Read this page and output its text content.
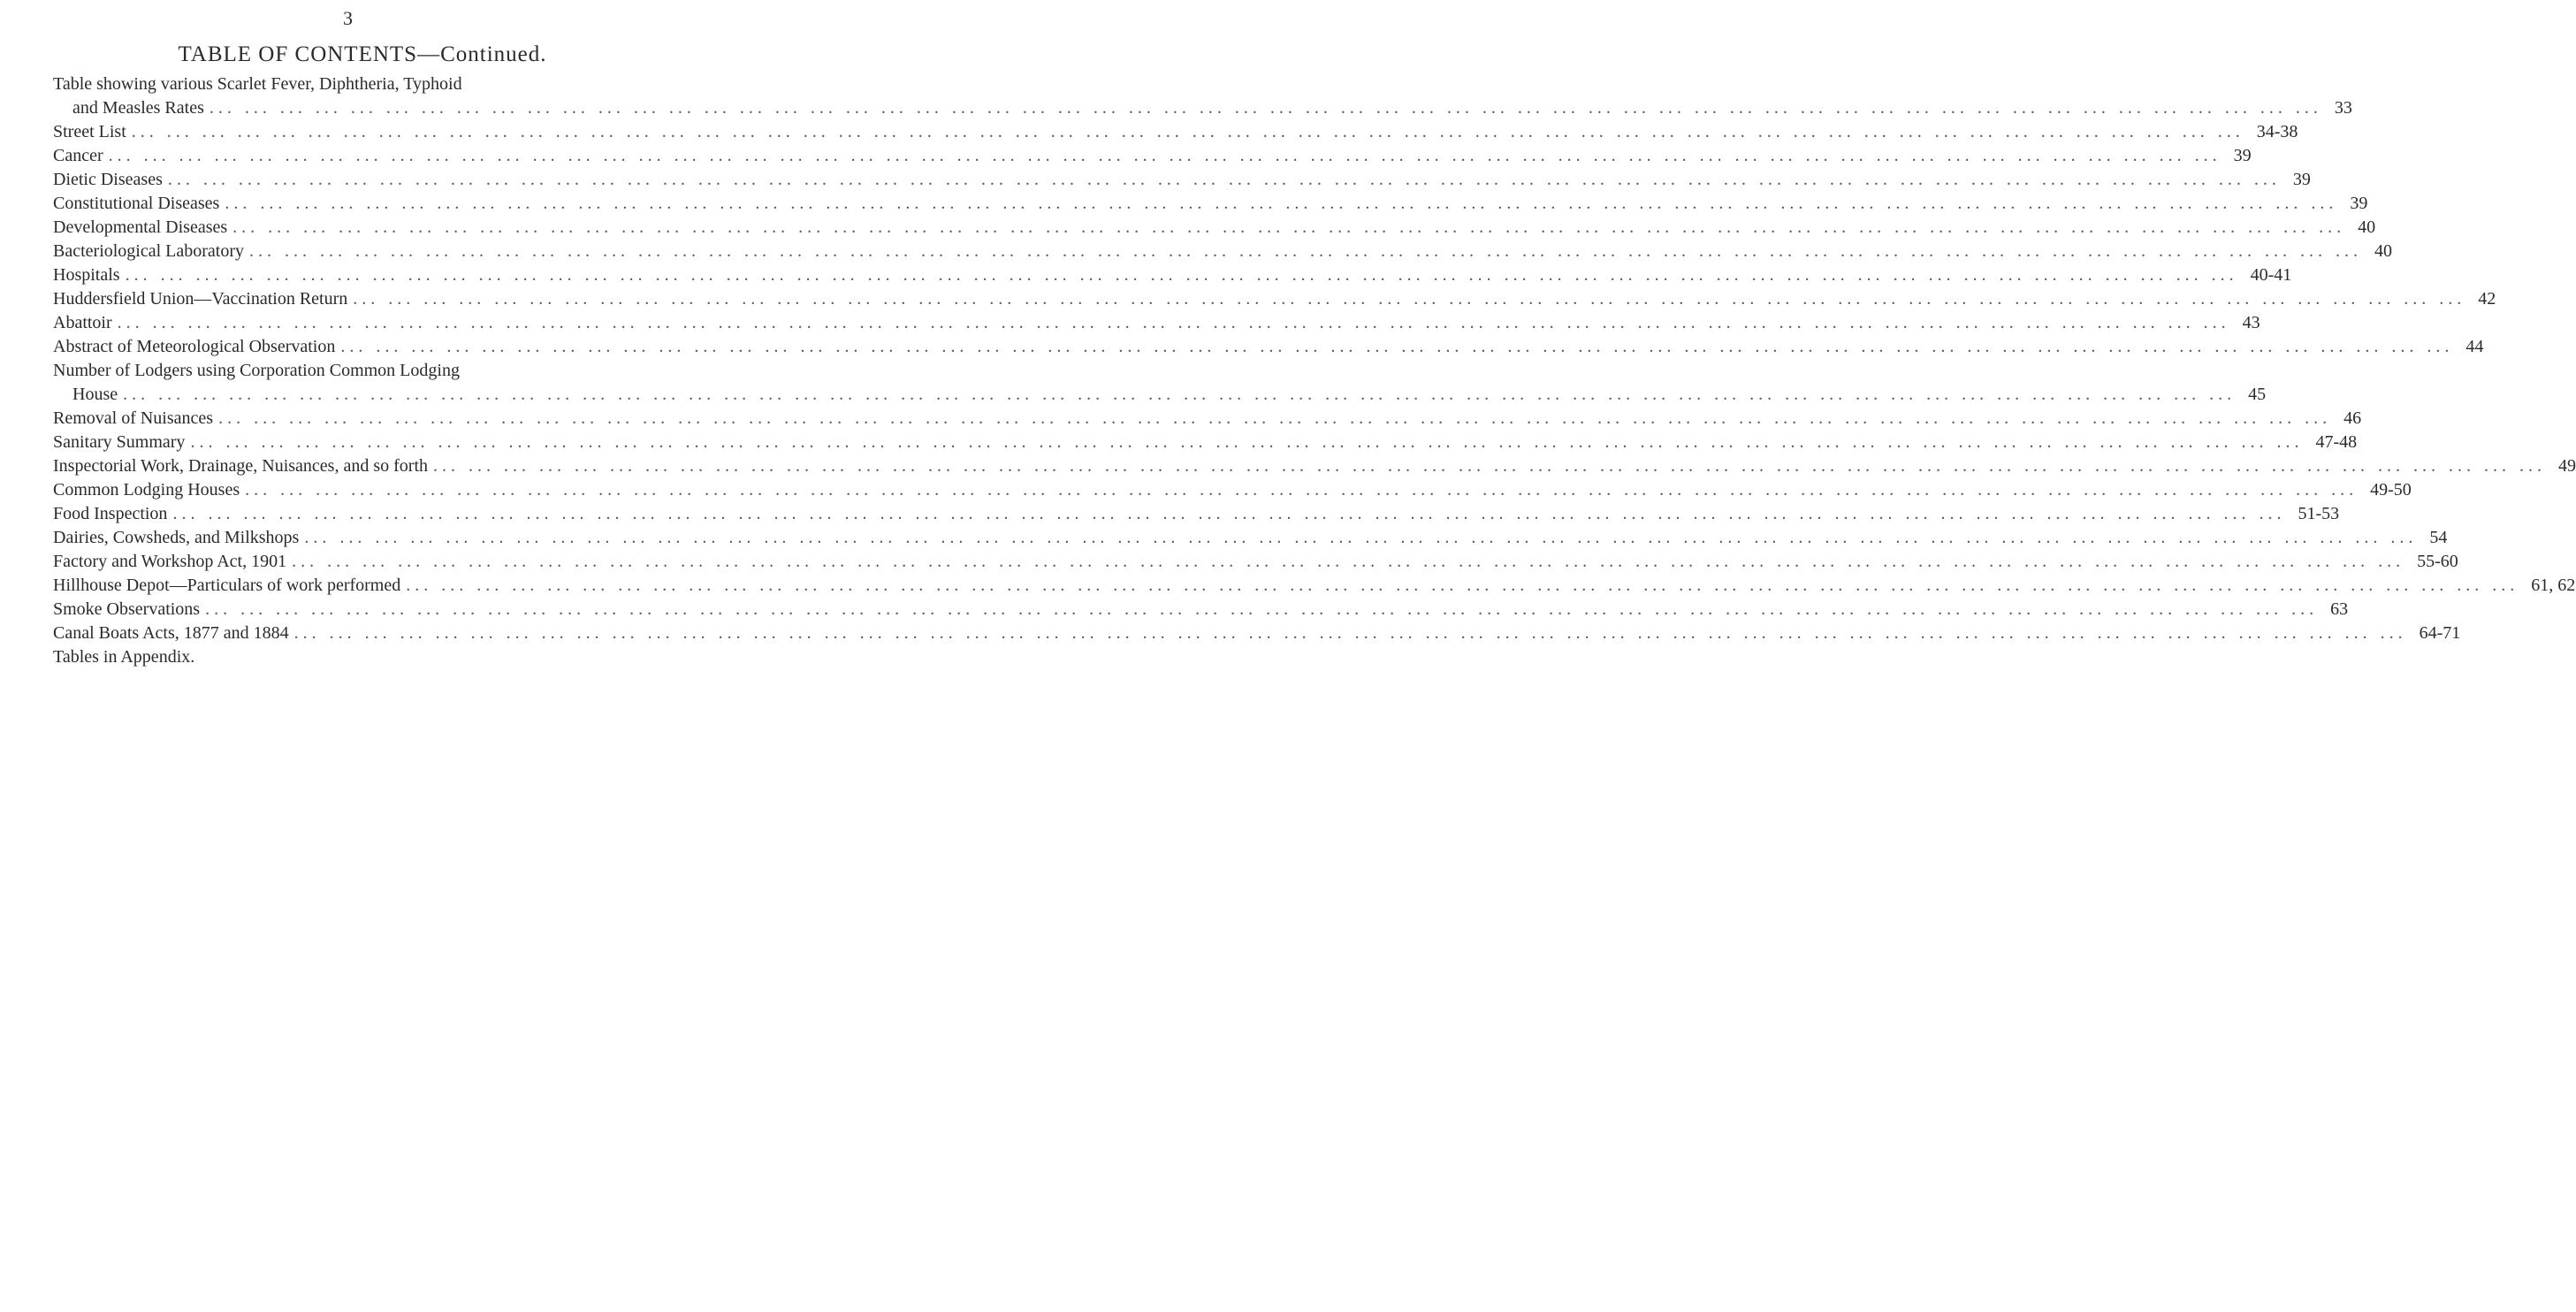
3
TABLE OF CONTENTS—Continued.
Table showing various Scarlet Fever, Diphtheria, Typhoid
and Measles Rates ... ... ... ... ... ... ... ... ... ... ... ... ... ... ... ... ... ... ... ... ... ... ... ... ... ... ... ... ... ... ... ... ... ... ... ... ... ... ... ... ... ... ... ... ... ... ... ... ... ... ... ... ... ... ... ... ... ... ... ... 33
Street List ... ... ... ... ... ... ... ... ... ... ... ... ... ... ... ... ... ... ... ... ... ... ... ... ... ... ... ... ... ... ... ... ... ... ... ... ... ... ... ... ... ... ... ... ... ... ... ... ... ... ... ... ... ... ... ... ... ... ... ... 34-38
Cancer ... ... ... ... ... ... ... ... ... ... ... ... ... ... ... ... ... ... ... ... ... ... ... ... ... ... ... ... ... ... ... ... ... ... ... ... ... ... ... ... ... ... ... ... ... ... ... ... ... ... ... ... ... ... ... ... ... ... ... ... 39
Dietic Diseases ... ... ... ... ... ... ... ... ... ... ... ... ... ... ... ... ... ... ... ... ... ... ... ... ... ... ... ... ... ... ... ... ... ... ... ... ... ... ... ... ... ... ... ... ... ... ... ... ... ... ... ... ... ... ... ... ... ... ... ... 39
Constitutional Diseases ... ... ... ... ... ... ... ... ... ... ... ... ... ... ... ... ... ... ... ... ... ... ... ... ... ... ... ... ... ... ... ... ... ... ... ... ... ... ... ... ... ... ... ... ... ... ... ... ... ... ... ... ... ... ... ... ... ... ... ... 39
Developmental Diseases ... ... ... ... ... ... ... ... ... ... ... ... ... ... ... ... ... ... ... ... ... ... ... ... ... ... ... ... ... ... ... ... ... ... ... ... ... ... ... ... ... ... ... ... ... ... ... ... ... ... ... ... ... ... ... ... ... ... ... ... 40
Bacteriological Laboratory ... ... ... ... ... ... ... ... ... ... ... ... ... ... ... ... ... ... ... ... ... ... ... ... ... ... ... ... ... ... ... ... ... ... ... ... ... ... ... ... ... ... ... ... ... ... ... ... ... ... ... ... ... ... ... ... ... ... ... ... 40
Hospitals ... ... ... ... ... ... ... ... ... ... ... ... ... ... ... ... ... ... ... ... ... ... ... ... ... ... ... ... ... ... ... ... ... ... ... ... ... ... ... ... ... ... ... ... ... ... ... ... ... ... ... ... ... ... ... ... ... ... ... ... 40-41
Huddersfield Union—Vaccination Return ... ... ... ... ... ... ... ... ... ... ... ... ... ... ... ... ... ... ... ... ... ... ... ... ... ... ... ... ... ... ... ... ... ... ... ... ... ... ... ... ... ... ... ... ... ... ... ... ... ... ... ... ... ... ... ... ... ... ... ... 42
Abattoir ... ... ... ... ... ... ... ... ... ... ... ... ... ... ... ... ... ... ... ... ... ... ... ... ... ... ... ... ... ... ... ... ... ... ... ... ... ... ... ... ... ... ... ... ... ... ... ... ... ... ... ... ... ... ... ... ... ... ... ... 43
Abstract of Meteorological Observation ... ... ... ... ... ... ... ... ... ... ... ... ... ... ... ... ... ... ... ... ... ... ... ... ... ... ... ... ... ... ... ... ... ... ... ... ... ... ... ... ... ... ... ... ... ... ... ... ... ... ... ... ... ... ... ... ... ... ... ... 44
Number of Lodgers using Corporation Common Lodging
House ... ... ... ... ... ... ... ... ... ... ... ... ... ... ... ... ... ... ... ... ... ... ... ... ... ... ... ... ... ... ... ... ... ... ... ... ... ... ... ... ... ... ... ... ... ... ... ... ... ... ... ... ... ... ... ... ... ... ... ... 45
Removal of Nuisances ... ... ... ... ... ... ... ... ... ... ... ... ... ... ... ... ... ... ... ... ... ... ... ... ... ... ... ... ... ... ... ... ... ... ... ... ... ... ... ... ... ... ... ... ... ... ... ... ... ... ... ... ... ... ... ... ... ... ... ... 46
Sanitary Summary ... ... ... ... ... ... ... ... ... ... ... ... ... ... ... ... ... ... ... ... ... ... ... ... ... ... ... ... ... ... ... ... ... ... ... ... ... ... ... ... ... ... ... ... ... ... ... ... ... ... ... ... ... ... ... ... ... ... ... ... 47-48
Inspectorial Work, Drainage, Nuisances, and so forth ... ... ... ... ... ... ... ... ... ... ... ... ... ... ... ... ... ... ... ... ... ... ... ... ... ... ... ... ... ... ... ... ... ... ... ... ... ... ... ... ... ... ... ... ... ... ... ... ... ... ... ... ... ... ... ... ... ... ... ... 49
Common Lodging Houses ... ... ... ... ... ... ... ... ... ... ... ... ... ... ... ... ... ... ... ... ... ... ... ... ... ... ... ... ... ... ... ... ... ... ... ... ... ... ... ... ... ... ... ... ... ... ... ... ... ... ... ... ... ... ... ... ... ... ... ... 49-50
Food Inspection ... ... ... ... ... ... ... ... ... ... ... ... ... ... ... ... ... ... ... ... ... ... ... ... ... ... ... ... ... ... ... ... ... ... ... ... ... ... ... ... ... ... ... ... ... ... ... ... ... ... ... ... ... ... ... ... ... ... ... ... 51-53
Dairies, Cowsheds, and Milkshops ... ... ... ... ... ... ... ... ... ... ... ... ... ... ... ... ... ... ... ... ... ... ... ... ... ... ... ... ... ... ... ... ... ... ... ... ... ... ... ... ... ... ... ... ... ... ... ... ... ... ... ... ... ... ... ... ... ... ... ... 54
Factory and Workshop Act, 1901 ... ... ... ... ... ... ... ... ... ... ... ... ... ... ... ... ... ... ... ... ... ... ... ... ... ... ... ... ... ... ... ... ... ... ... ... ... ... ... ... ... ... ... ... ... ... ... ... ... ... ... ... ... ... ... ... ... ... ... ... 55-60
Hillhouse Depot—Particulars of work performed ... ... ... ... ... ... ... ... ... ... ... ... ... ... ... ... ... ... ... ... ... ... ... ... ... ... ... ... ... ... ... ... ... ... ... ... ... ... ... ... ... ... ... ... ... ... ... ... ... ... ... ... ... ... ... ... ... ... ... ... 61, 62
Smoke Observations ... ... ... ... ... ... ... ... ... ... ... ... ... ... ... ... ... ... ... ... ... ... ... ... ... ... ... ... ... ... ... ... ... ... ... ... ... ... ... ... ... ... ... ... ... ... ... ... ... ... ... ... ... ... ... ... ... ... ... ... 63
Canal Boats Acts, 1877 and 1884 ... ... ... ... ... ... ... ... ... ... ... ... ... ... ... ... ... ... ... ... ... ... ... ... ... ... ... ... ... ... ... ... ... ... ... ... ... ... ... ... ... ... ... ... ... ... ... ... ... ... ... ... ... ... ... ... ... ... ... ... 64-71
Tables in Appendix.
